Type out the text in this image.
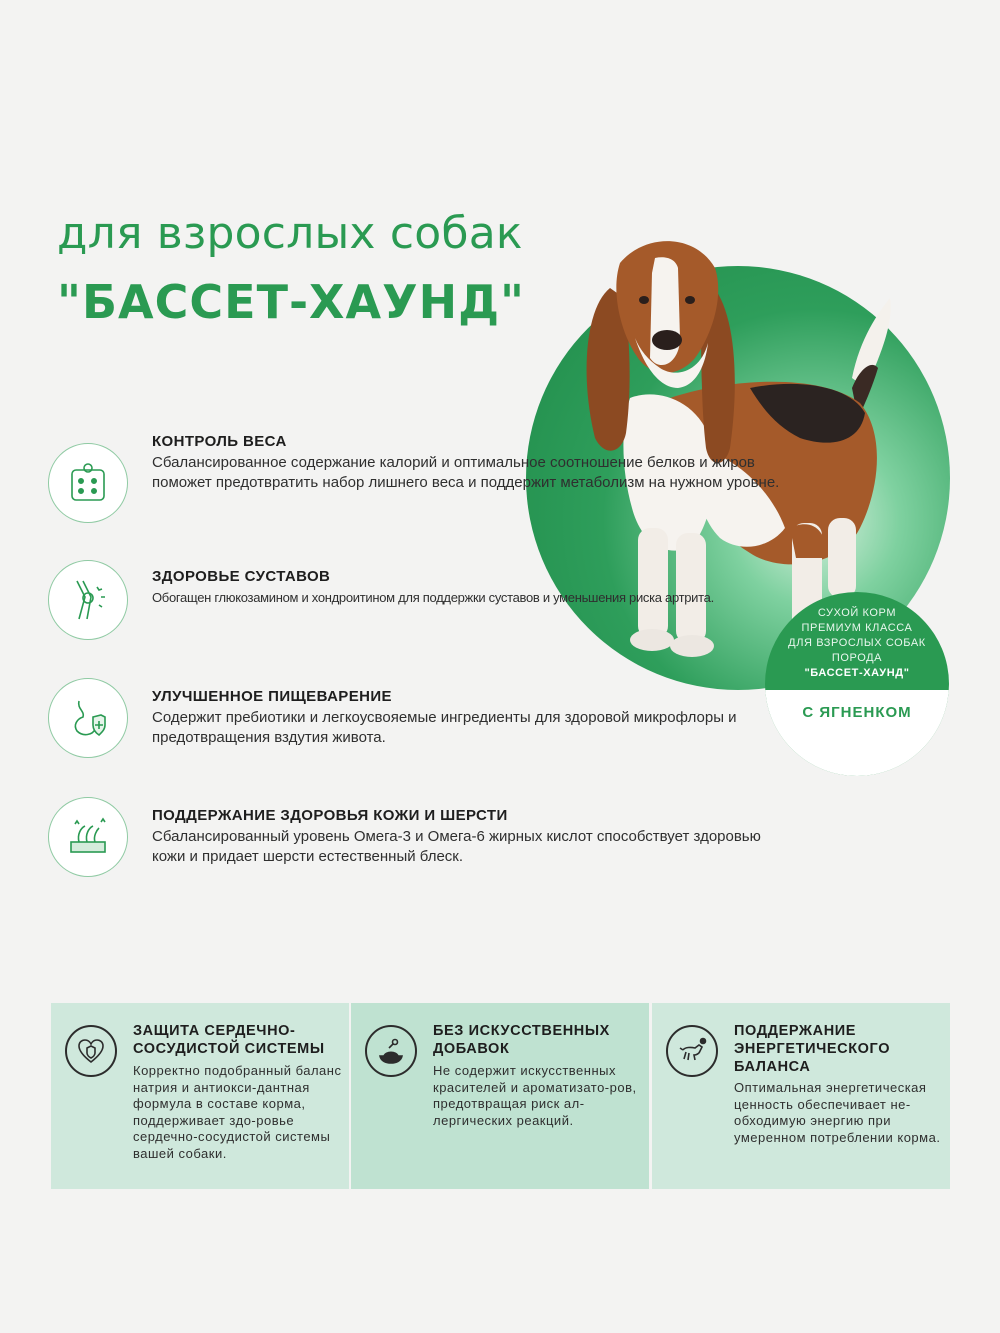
для взрослых собак
"БАССЕТ-ХАУНД"
СУХОЙ КОРМ
ПРЕМИУМ КЛАССА
ДЛЯ ВЗРОСЛЫХ СОБАК
ПОРОДА
"БАССЕТ-ХАУНД"
С ЯГНЕНКОМ
КОНТРОЛЬ ВЕСА
Сбалансированное содержание калорий и оптимальное соотношение белков и жиров поможет предотвратить набор лишнего веса и поддержит метаболизм на нужном уровне.
ЗДОРОВЬЕ СУСТАВОВ
Обогащен глюкозамином и хондроитином для поддержки суставов и уменьшения риска артрита.
УЛУЧШЕННОЕ ПИЩЕВАРЕНИЕ
Содержит пребиотики и легкоусвояемые ингредиенты для здоровой микрофлоры и предотвращения вздутия живота.
ПОДДЕРЖАНИЕ ЗДОРОВЬЯ КОЖИ И ШЕРСТИ
Сбалансированный уровень Омега-3 и Омега-6 жирных кислот способствует здоровью кожи и придает шерсти естественный блеск.
ЗАЩИТА СЕРДЕЧНО-СОСУДИСТОЙ СИСТЕМЫ
Корректно подобранный баланс натрия и антиокси-дантная формула в составе корма, поддерживает здо-ровье сердечно-сосудистой системы вашей собаки.
БЕЗ ИСКУССТВЕННЫХ ДОБАВОК
Не содержит искусственных красителей и ароматизато-ров, предотвращая риск ал-лергических реакций.
ПОДДЕРЖАНИЕ ЭНЕРГЕТИЧЕСКОГО БАЛАНСА
Оптимальная энергетическая ценность обеспечивает не-обходимую энергию при умеренном потреблении корма.
